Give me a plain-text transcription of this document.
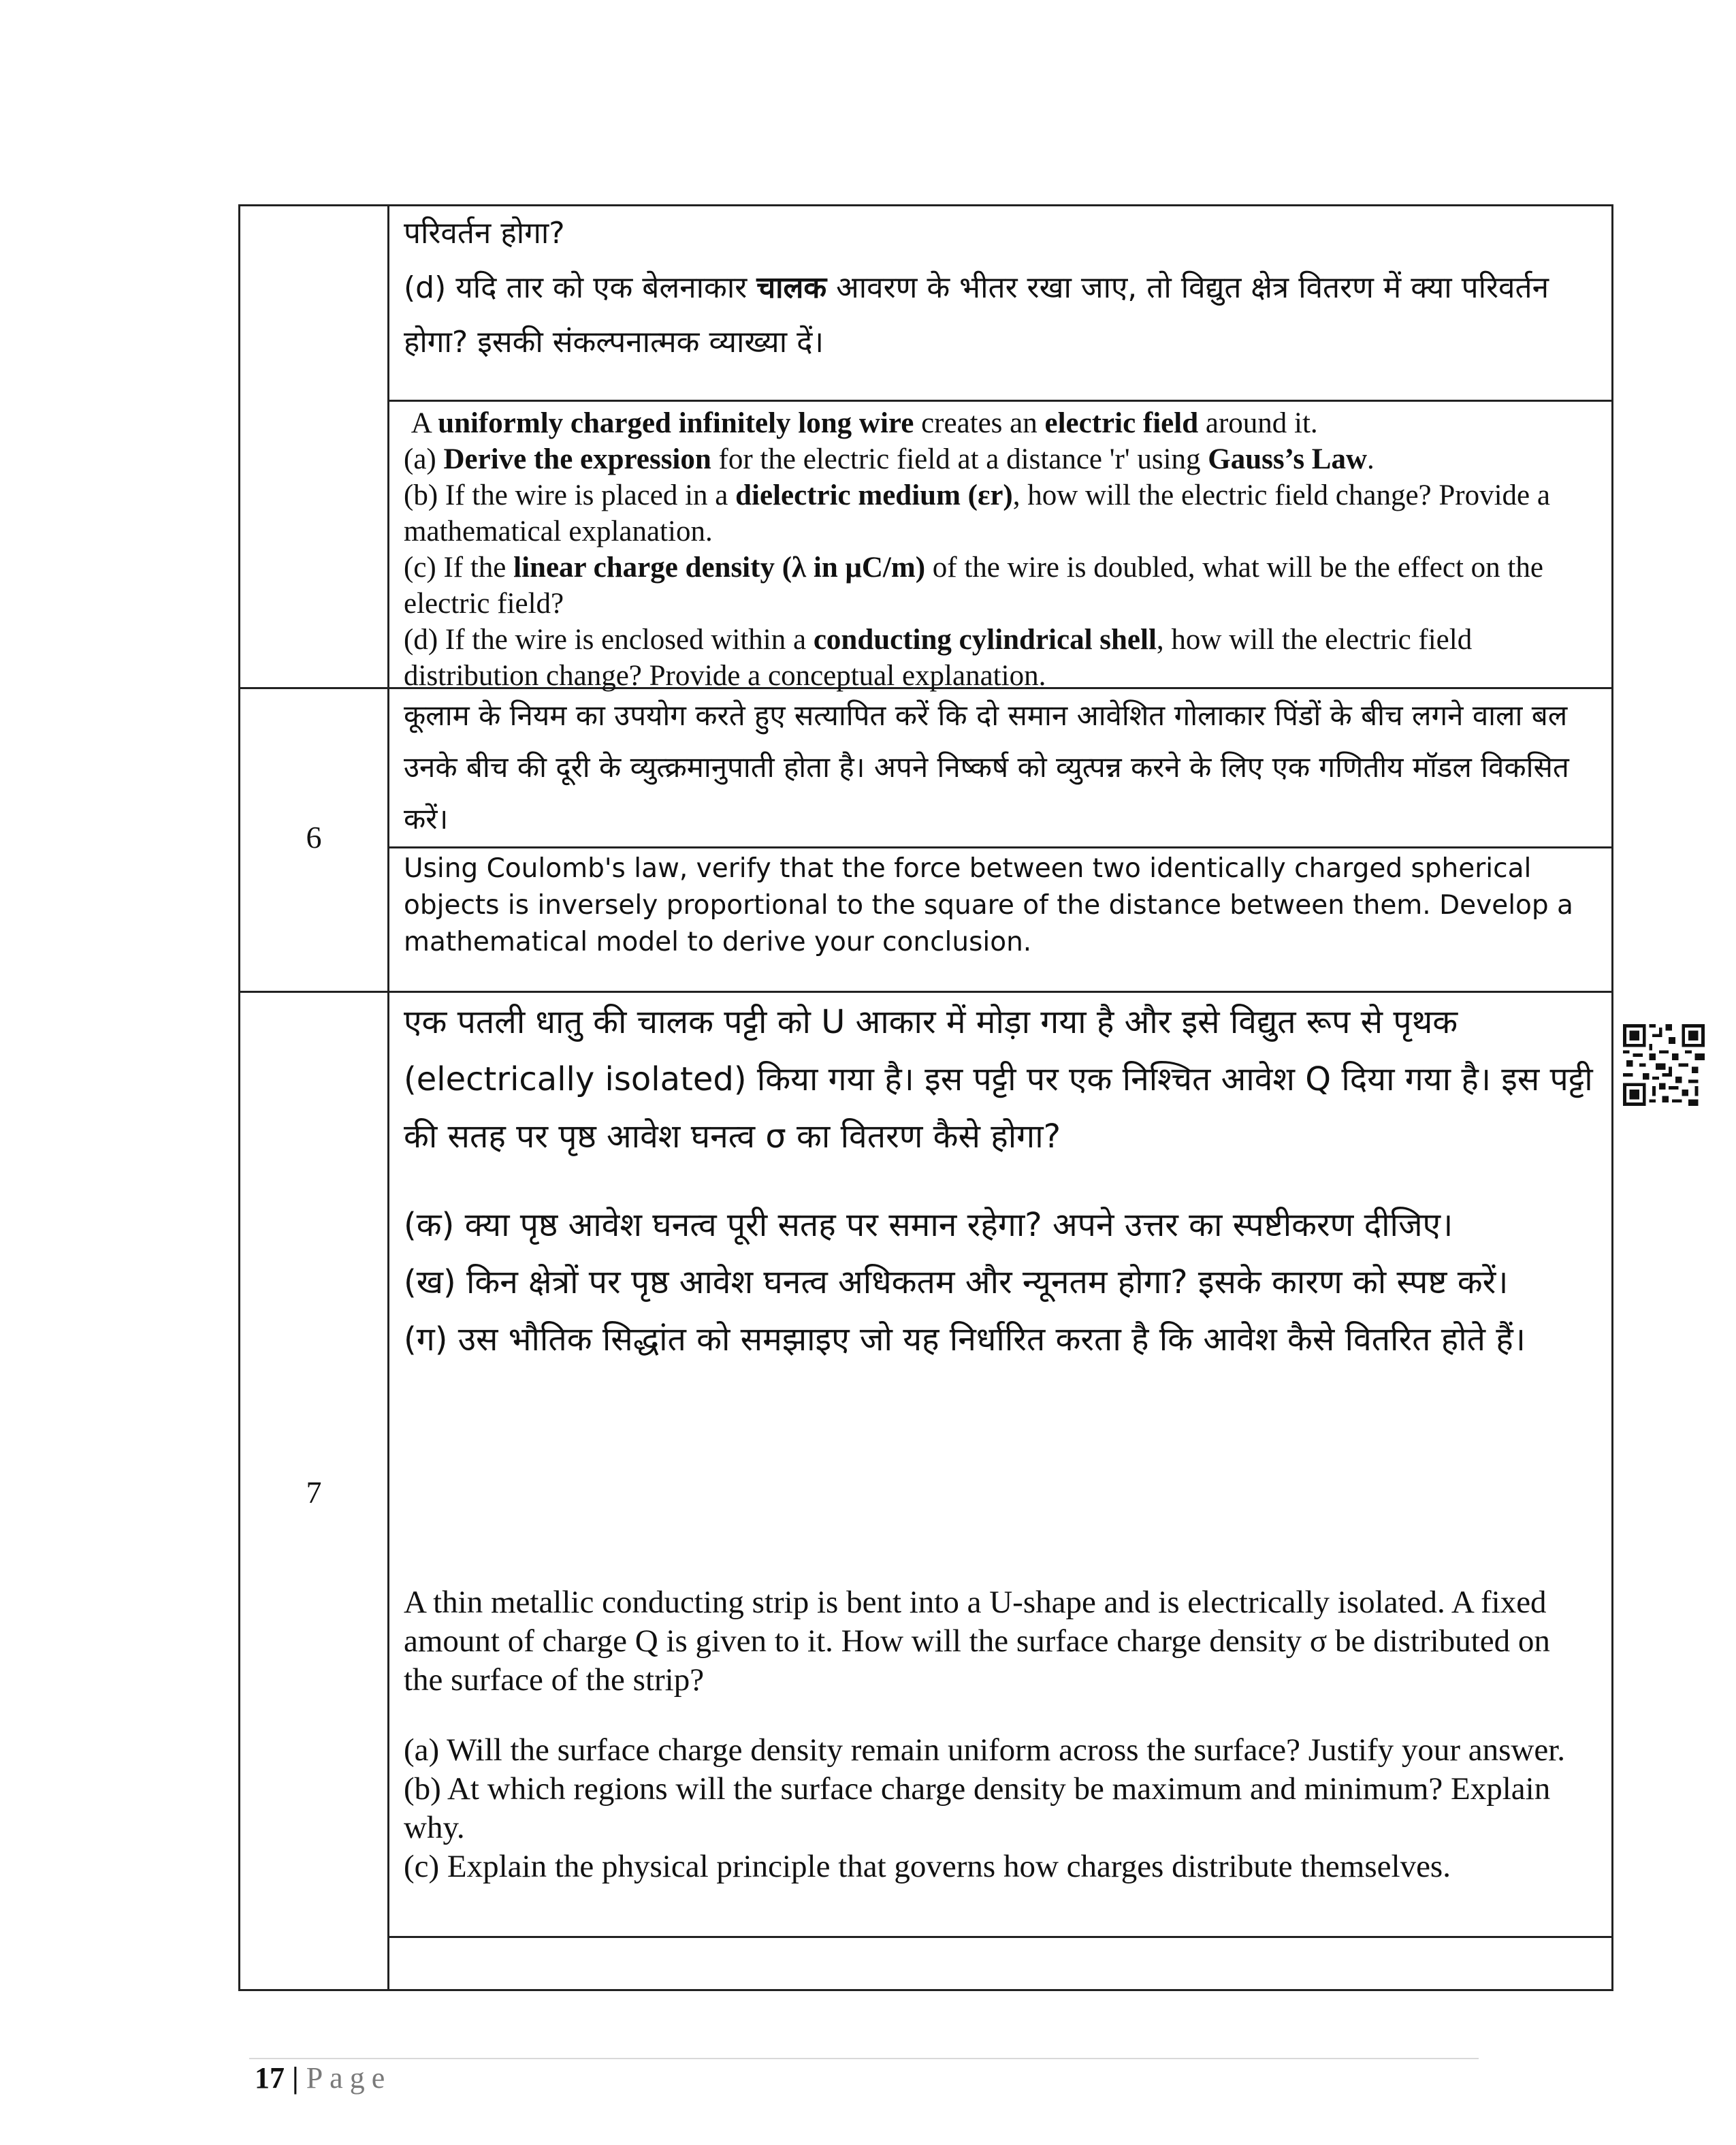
परिवर्तन होगा?

(d) यदि तार को एक बेलनाकार चालक आवरण के भीतर रखा जाए, तो विद्युत क्षेत्र वितरण में क्या परिवर्तन होगा? इसकी संकल्पनात्मक व्याख्या दें।

A uniformly charged infinitely long wire creates an electric field around it.

(a) Derive the expression for the electric field at a distance 'r' using Gauss’s Law.

(b) If the wire is placed in a dielectric medium (εr), how will the electric field change? Provide a mathematical explanation.

(c) If the linear charge density (λ in μC/m) of the wire is doubled, what will be the effect on the electric field?

(d) If the wire is enclosed within a conducting cylindrical shell, how will the electric field distribution change? Provide a conceptual explanation.

6

कूलाम के नियम का उपयोग करते हुए सत्यापित करें कि दो समान आवेशित गोलाकार पिंडों के बीच लगने वाला बल उनके बीच की दूरी के व्युत्क्रमानुपाती होता है। अपने निष्कर्ष को व्युत्पन्न करने के लिए एक गणितीय मॉडल विकसित करें।

Using Coulomb's law, verify that the force between two identically charged spherical objects is inversely proportional to the square of the distance between them. Develop a mathematical model to derive your conclusion.

7

एक पतली धातु की चालक पट्टी को U आकार में मोड़ा गया है और इसे विद्युत रूप से पृथक (electrically isolated) किया गया है। इस पट्टी पर एक निश्चित आवेश Q दिया गया है। इस पट्टी की सतह पर पृष्ठ आवेश घनत्व σ का वितरण कैसे होगा?

(क) क्या पृष्ठ आवेश घनत्व पूरी सतह पर समान रहेगा? अपने उत्तर का स्पष्टीकरण दीजिए।

(ख) किन क्षेत्रों पर पृष्ठ आवेश घनत्व अधिकतम और न्यूनतम होगा? इसके कारण को स्पष्ट करें।

(ग) उस भौतिक सिद्धांत को समझाइए जो यह निर्धारित करता है कि आवेश कैसे वितरित होते हैं।

A thin metallic conducting strip is bent into a U-shape and is electrically isolated. A fixed amount of charge Q is given to it. How will the surface charge density σ be distributed on the surface of the strip?

(a) Will the surface charge density remain uniform across the surface? Justify your answer.

(b) At which regions will the surface charge density be maximum and minimum? Explain why.

(c) Explain the physical principle that governs how charges distribute themselves.

17 | Page
